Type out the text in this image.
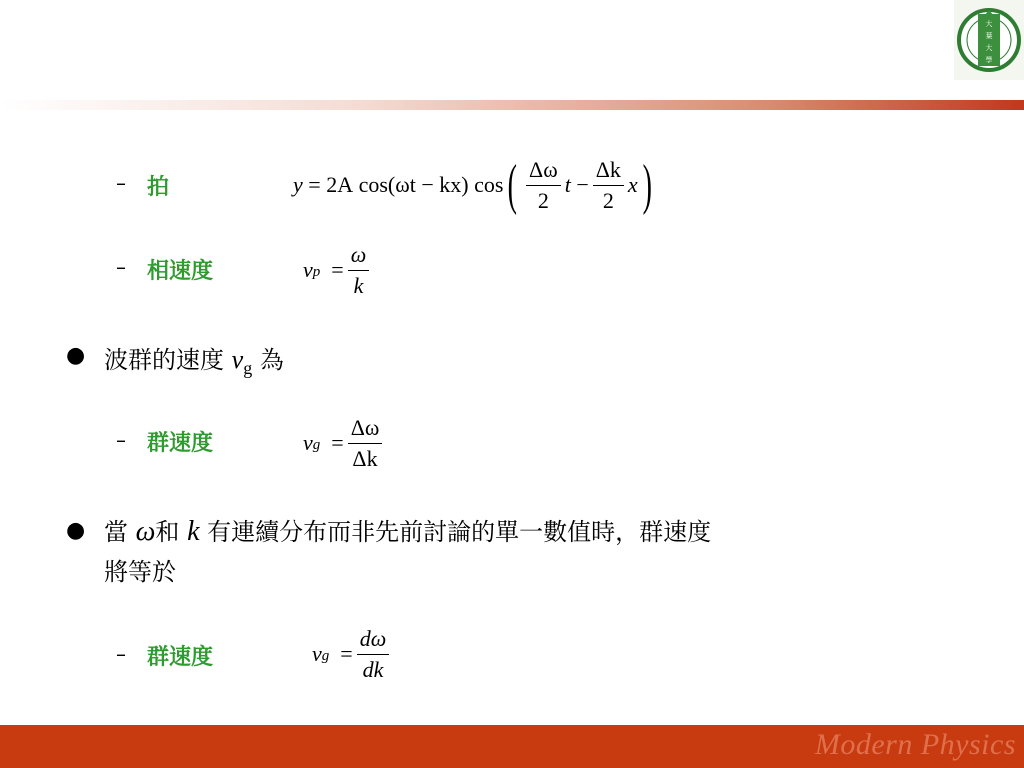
大
葉
大
學
– 拍	y
=
2A
cos(ωt − kx)
cos ( $\frac{\Delta\omega}{2}$ t
− $\frac{\Delta k}{2}$ x )
– 相速度	v p
= $\frac{\omega}{k}$
● 波群的速度 $v_g$ 為
– 群速度	v g
= $\frac{\Delta\omega}{\Delta k}$
● 當 ω和 k 有連續分布而非先前討論的單一數值時，群速度
將等於
– 群速度	v g
= $\frac{d\omega}{dk}$
Modern Physics
